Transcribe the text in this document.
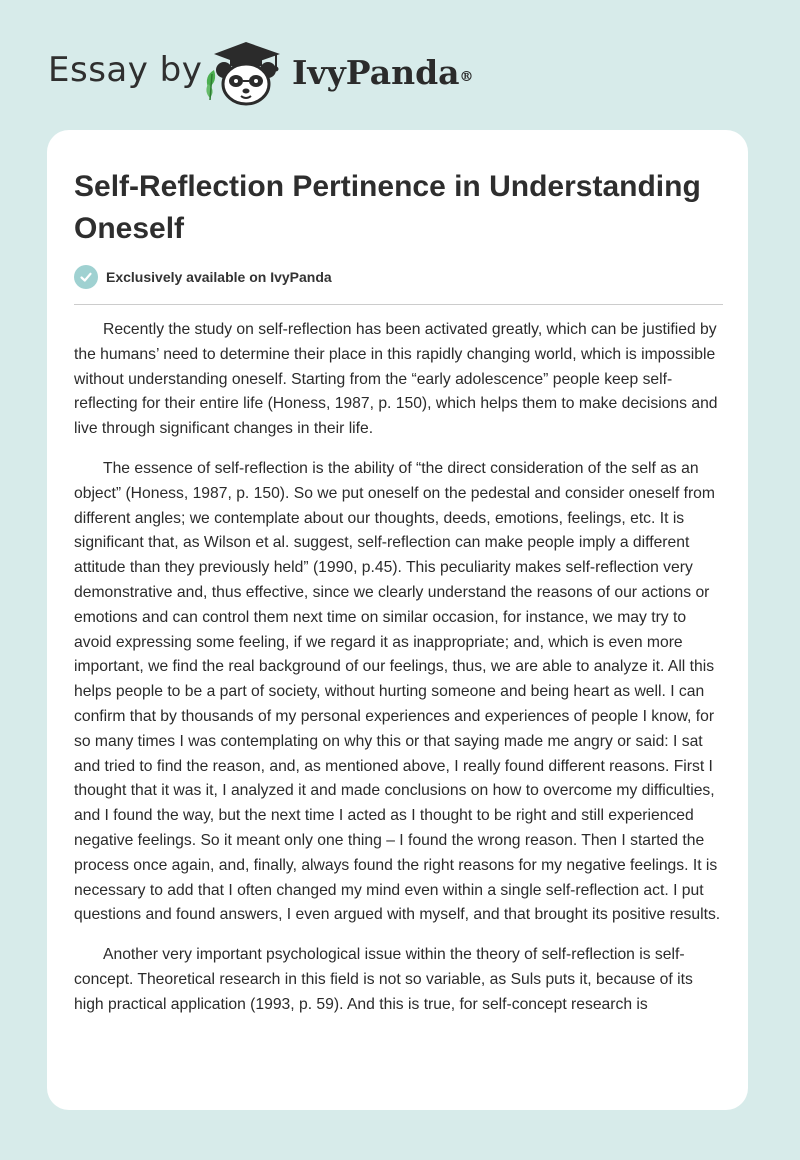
Essay by	IvyPanda®
Self-Reflection Pertinence in Understanding Oneself
Exclusively available on IvyPanda

Recently the study on self-reflection has been activated greatly, which can be justified by the humans’ need to determine their place in this rapidly changing world, which is impossible without understanding oneself. Starting from the “early adolescence” people keep self-reflecting for their entire life (Honess, 1987, p. 150), which helps them to make decisions and live through significant changes in their life.

The essence of self-reflection is the ability of “the direct consideration of the self as an object” (Honess, 1987, p. 150). So we put oneself on the pedestal and consider oneself from different angles; we contemplate about our thoughts, deeds, emotions, feelings, etc. It is significant that, as Wilson et al. suggest, self-reflection can make people imply a different attitude than they previously held” (1990, p.45). This peculiarity makes self-reflection very demonstrative and, thus effective, since we clearly understand the reasons of our actions or emotions and can control them next time on similar occasion, for instance, we may try to avoid expressing some feeling, if we regard it as inappropriate; and, which is even more important, we find the real background of our feelings, thus, we are able to analyze it. All this helps people to be a part of society, without hurting someone and being heart as well. I can confirm that by thousands of my personal experiences and experiences of people I know, for so many times I was contemplating on why this or that saying made me angry or said: I sat and tried to find the reason, and, as mentioned above, I really found different reasons. First I thought that it was it, I analyzed it and made conclusions on how to overcome my difficulties, and I found the way, but the next time I acted as I thought to be right and still experienced negative feelings. So it meant only one thing – I found the wrong reason. Then I started the process once again, and, finally, always found the right reasons for my negative feelings. It is necessary to add that I often changed my mind even within a single self-reflection act. I put questions and found answers, I even argued with myself, and that brought its positive results.

Another very important psychological issue within the theory of self-reflection is self-concept. Theoretical research in this field is not so variable, as Suls puts it, because of its high practical application (1993, p. 59). And this is true, for self-concept research is
